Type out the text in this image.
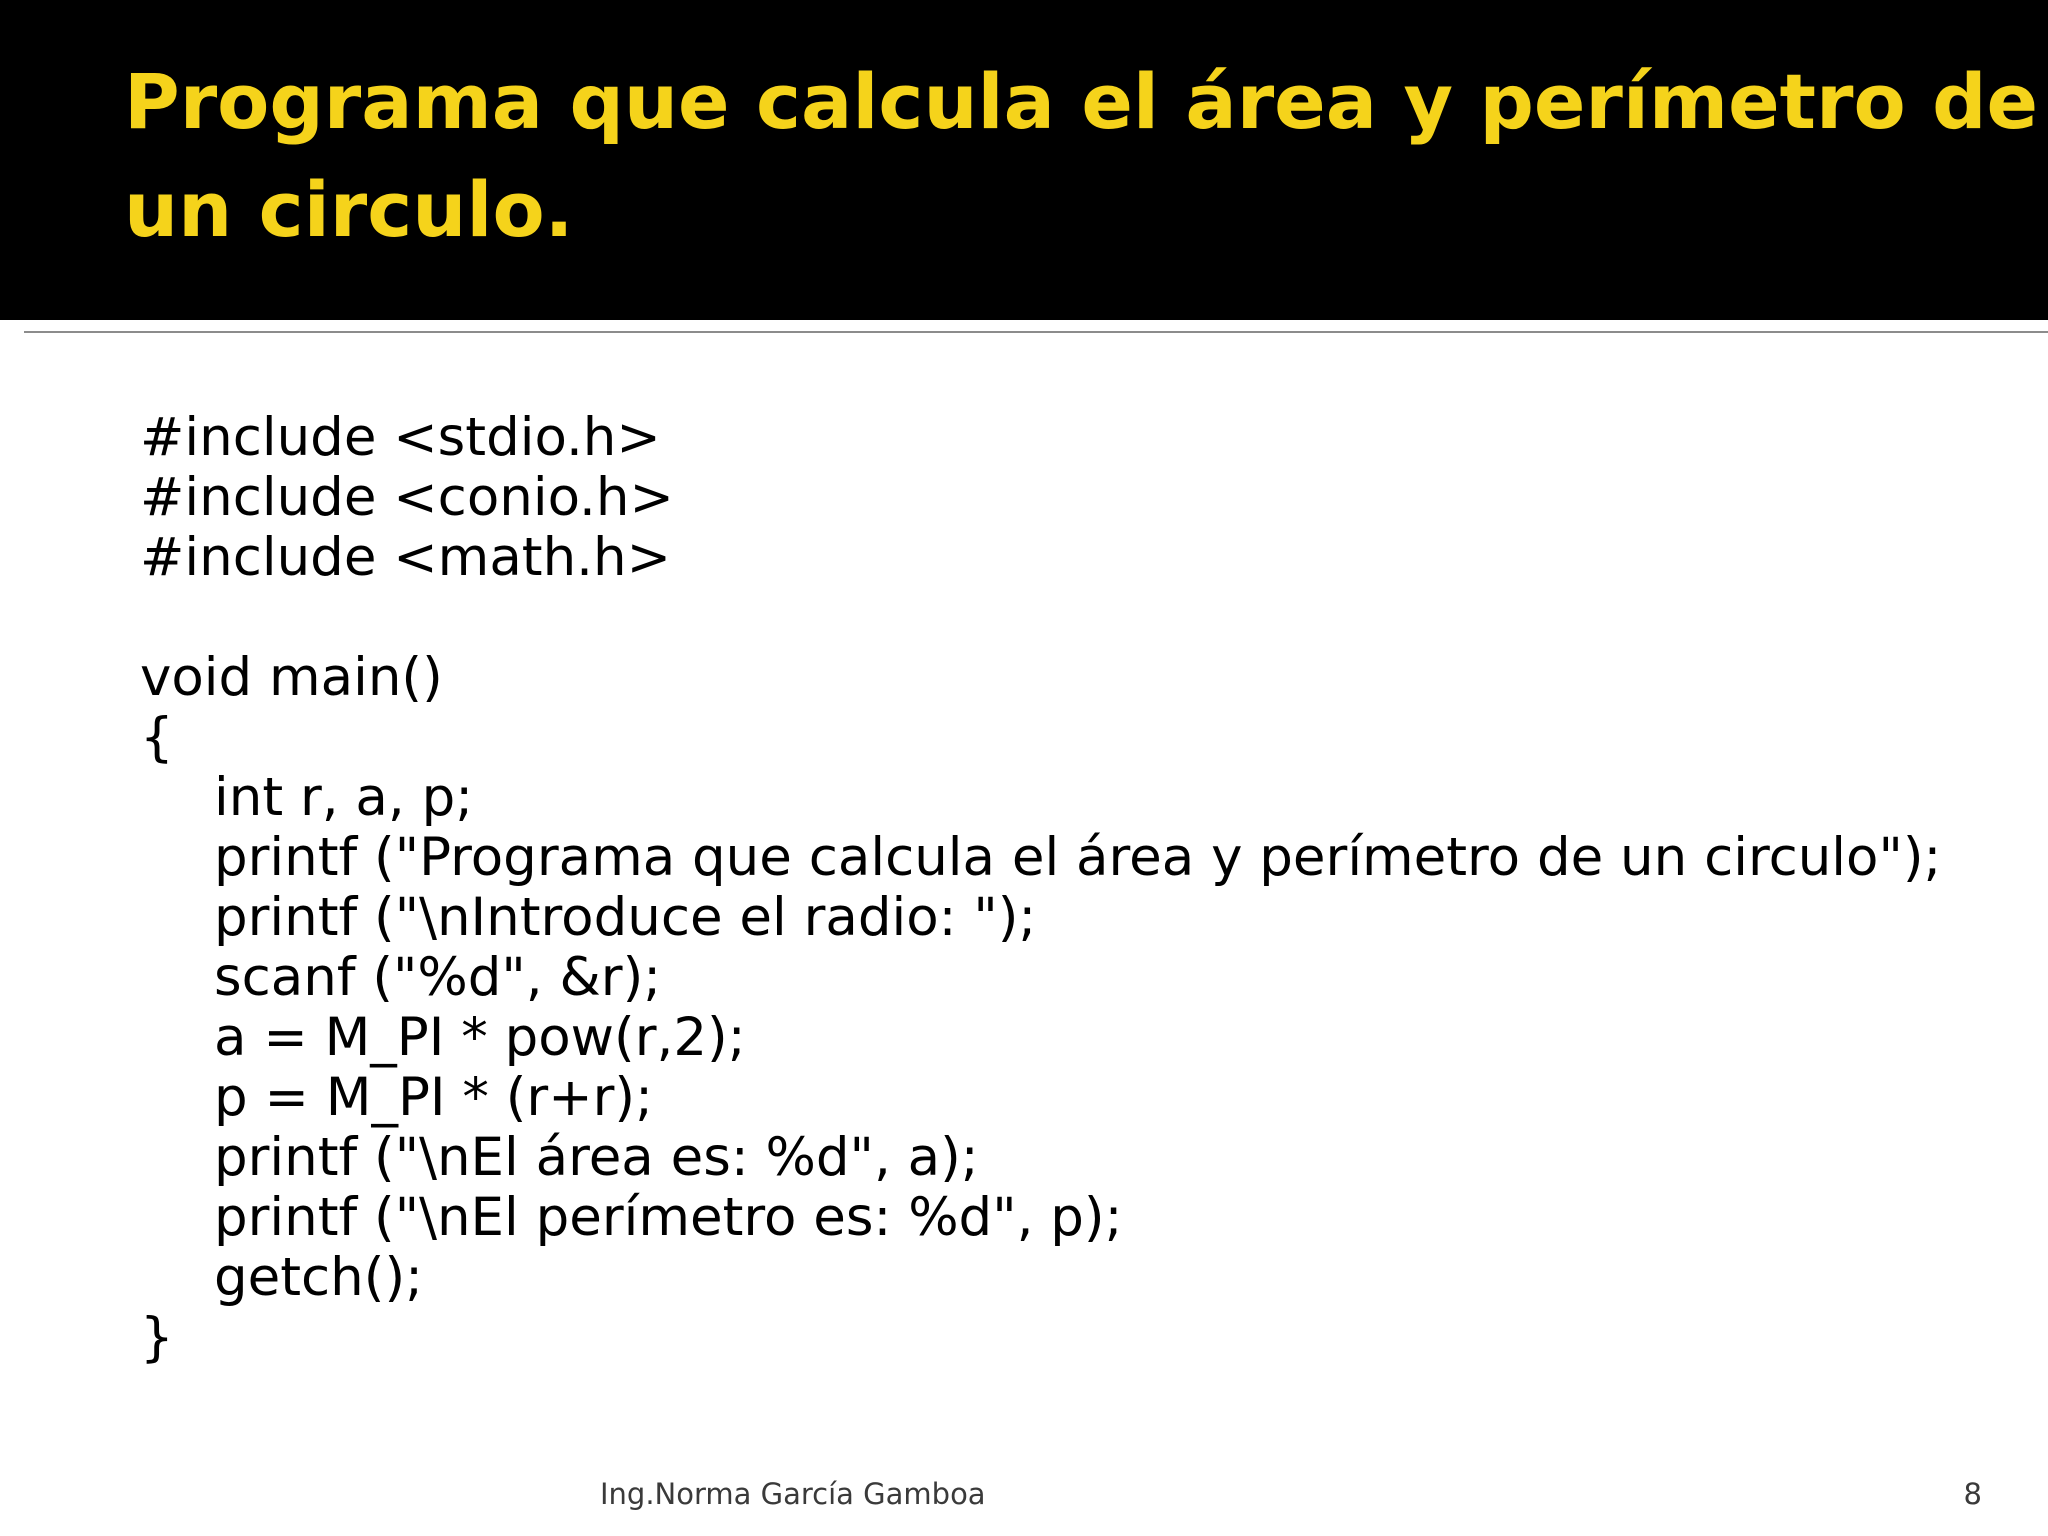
Programa que calcula el área y perímetro de
un circulo.
#include <stdio.h>
#include <conio.h>
#include <math.h>
void main()
{
int r, a, p;
printf ("Programa que calcula el área y perímetro de un circulo");
printf ("\nIntroduce el radio: ");
scanf ("%d", &r);
a = M_PI * pow(r,2);
p = M_PI * (r+r);
printf ("\nEl área es: %d", a);
printf ("\nEl perímetro es: %d", p);
getch();
}
Ing.Norma García Gamboa	8
